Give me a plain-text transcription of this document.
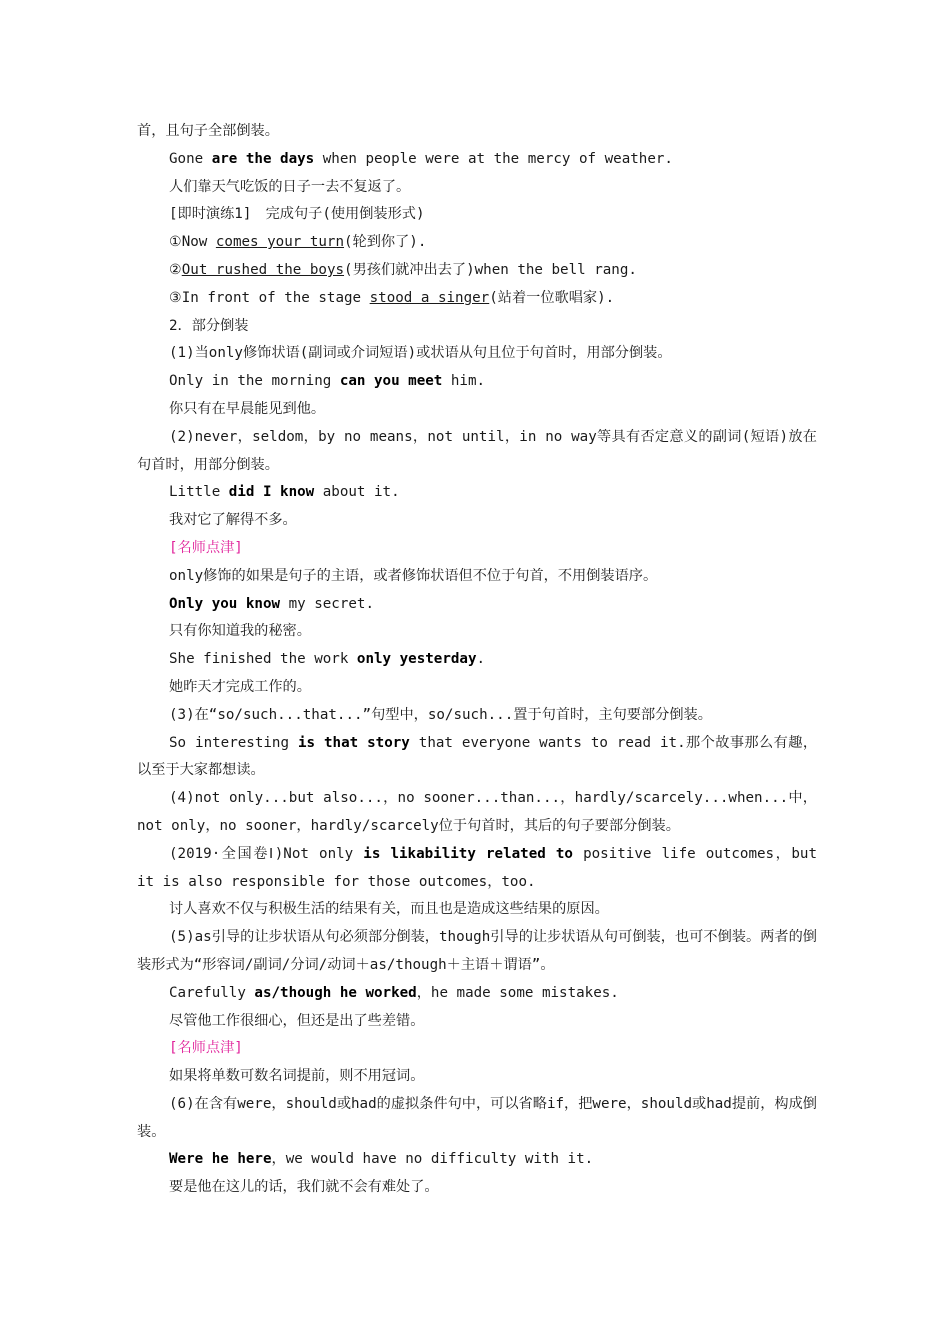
首，且句子全部倒装。

Gone are the days when people were at the mercy of weather.

人们靠天气吃饭的日子一去不复返了。

[即时演练1]　完成句子(使用倒装形式)

①Now comes your turn(轮到你了).

②Out rushed the boys(男孩们就冲出去了)when the bell rang.

③In front of the stage stood a singer(站着一位歌唱家).

2．部分倒装

(1)当only修饰状语(副词或介词短语)或状语从句且位于句首时，用部分倒装。

Only in the morning can you meet him.

你只有在早晨能见到他。

(2)never，seldom，by no means，not until，in no way等具有否定意义的副词(短语)放在句首时，用部分倒装。

Little did I know about it.

我对它了解得不多。

[名师点津]

only修饰的如果是句子的主语，或者修饰状语但不位于句首，不用倒装语序。

Only you know my secret.

只有你知道我的秘密。

She finished the work only yesterday.

她昨天才完成工作的。

(3)在“so/such...that...”句型中，so/such...置于句首时，主句要部分倒装。

So interesting is that story that everyone wants to read it.那个故事那么有趣，以至于大家都想读。

(4)not only...but also...，no sooner...than...，hardly/scarcely...when...中，not only，no sooner，hardly/scarcely位于句首时，其后的句子要部分倒装。

(2019·全国卷Ⅰ)Not only is likability related to positive life outcomes，but it is also responsible for those outcomes，too.

讨人喜欢不仅与积极生活的结果有关，而且也是造成这些结果的原因。

(5)as引导的让步状语从句必须部分倒装，though引导的让步状语从句可倒装，也可不倒装。两者的倒装形式为“形容词/副词/分词/动词＋as/though＋主语＋谓语”。

Carefully as/though he worked，he made some mistakes.

尽管他工作很细心，但还是出了些差错。

[名师点津]

如果将单数可数名词提前，则不用冠词。

(6)在含有were，should或had的虚拟条件句中，可以省略if，把were，should或had提前，构成倒装。

Were he here，we would have no difficulty with it.

要是他在这儿的话，我们就不会有难处了。
